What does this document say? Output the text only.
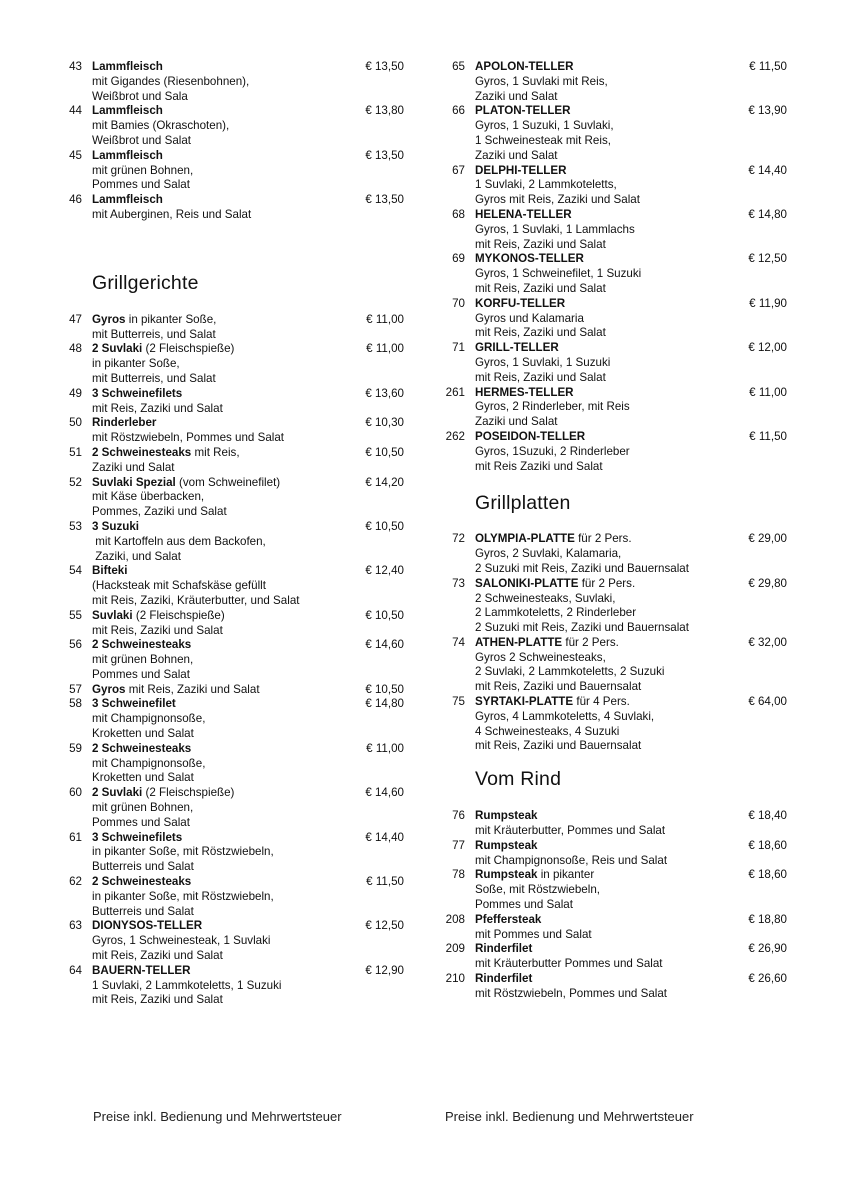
43 Lammfleisch	€ 13,50
mit Gigandes (Riesenbohnen),
Weißbrot und Sala
44 Lammfleisch	€ 13,80
mit Bamies (Okraschoten),
Weißbrot und Salat
45 Lammfleisch	€ 13,50
mit grünen Bohnen,
Pommes und Salat
46 Lammfleisch	€ 13,50
mit Auberginen, Reis und Salat
Grillgerichte
47 Gyros in pikanter Soße,	€ 11,00
mit Butterreis, und Salat
48 2 Suvlaki (2 Fleischspieße)	€ 11,00
in pikanter Soße,
mit Butterreis, und Salat
49 3 Schweinefilets	€ 13,60
mit Reis, Zaziki und Salat
50 Rinderleber	€ 10,30
mit Röstzwiebeln, Pommes und Salat
51 2 Schweinesteaks mit Reis,	€ 10,50
Zaziki und Salat
52 Suvlaki Spezial (vom Schweinefilet)	€ 14,20
mit Käse überbacken,
Pommes, Zaziki und Salat
53 3 Suzuki	€ 10,50
mit Kartoffeln aus dem Backofen,
Zaziki, und Salat
54 Bifteki	€ 12,40
(Hacksteak mit Schafskäse gefüllt
mit Reis, Zaziki, Kräuterbutter, und Salat
55 Suvlaki (2 Fleischspieße)	€ 10,50
mit Reis, Zaziki und Salat
56 2 Schweinesteaks	€ 14,60
mit grünen Bohnen,
Pommes und Salat
57 Gyros mit Reis, Zaziki und Salat	€ 10,50
58 3 Schweinefilet	€ 14,80
mit Champignonsoße,
Kroketten und Salat
59 2 Schweinesteaks	€ 11,00
mit Champignonsoße,
Kroketten und Salat
60 2 Suvlaki (2 Fleischspieße)	€ 14,60
mit grünen Bohnen,
Pommes und Salat
61 3 Schweinefilets	€ 14,40
in pikanter Soße, mit Röstzwiebeln,
Butterreis und Salat
62 2 Schweinesteaks	€ 11,50
in pikanter Soße, mit Röstzwiebeln,
Butterreis und Salat
63 DIONYSOS-TELLER	€ 12,50
Gyros, 1 Schweinesteak, 1 Suvlaki
mit Reis, Zaziki und Salat
64 BAUERN-TELLER	€ 12,90
1 Suvlaki, 2 Lammkoteletts, 1 Suzuki
mit Reis, Zaziki und Salat
65 APOLON-TELLER	€ 11,50
Gyros, 1 Suvlaki mit Reis,
Zaziki und Salat
66 PLATON-TELLER	€ 13,90
Gyros, 1 Suzuki, 1 Suvlaki,
1 Schweinesteak mit Reis,
Zaziki und Salat
67 DELPHI-TELLER	€ 14,40
1 Suvlaki, 2 Lammkoteletts,
Gyros mit Reis, Zaziki und Salat
68 HELENA-TELLER	€ 14,80
Gyros, 1 Suvlaki, 1 Lammlachs
mit Reis, Zaziki und Salat
69 MYKONOS-TELLER	€ 12,50
Gyros, 1 Schweinefilet, 1 Suzuki
mit Reis, Zaziki und Salat
70 KORFU-TELLER	€ 11,90
Gyros und Kalamaria
mit Reis, Zaziki und Salat
71 GRILL-TELLER	€ 12,00
Gyros, 1 Suvlaki, 1 Suzuki
mit Reis, Zaziki und Salat
261 HERMES-TELLER	€ 11,00
Gyros, 2 Rinderleber, mit Reis
Zaziki und Salat
262 POSEIDON-TELLER	€ 11,50
Gyros, 1Suzuki, 2 Rinderleber
mit Reis Zaziki und Salat
Grillplatten
72 OLYMPIA-PLATTE für 2 Pers.	€ 29,00
Gyros, 2 Suvlaki, Kalamaria,
2 Suzuki mit Reis, Zaziki und Bauernsalat
73 SALONIKI-PLATTE für 2 Pers.	€ 29,80
2 Schweinesteaks, Suvlaki,
2 Lammkoteletts, 2 Rinderleber
2 Suzuki mit Reis, Zaziki und Bauernsalat
74 ATHEN-PLATTE für 2 Pers.	€ 32,00
Gyros 2 Schweinesteaks,
2 Suvlaki, 2 Lammkoteletts, 2 Suzuki
mit Reis, Zaziki und Bauernsalat
75 SYRTAKI-PLATTE für 4 Pers.	€ 64,00
Gyros, 4 Lammkoteletts, 4 Suvlaki,
4 Schweinesteaks, 4 Suzuki
mit Reis, Zaziki und Bauernsalat
Vom Rind
76 Rumpsteak	€ 18,40
mit Kräuterbutter, Pommes und Salat
77 Rumpsteak	€ 18,60
mit Champignonsoße, Reis und Salat
78 Rumpsteak in pikanter	€ 18,60
Soße, mit Röstzwiebeln,
Pommes und Salat
208 Pfeffersteak	€ 18,80
mit Pommes und Salat
209 Rinderfilet	€ 26,90
mit Kräuterbutter Pommes und Salat
210 Rinderfilet	€ 26,60
mit Röstzwiebeln, Pommes und Salat
Preise inkl. Bedienung und Mehrwertsteuer	Preise inkl. Bedienung und Mehrwertsteuer
